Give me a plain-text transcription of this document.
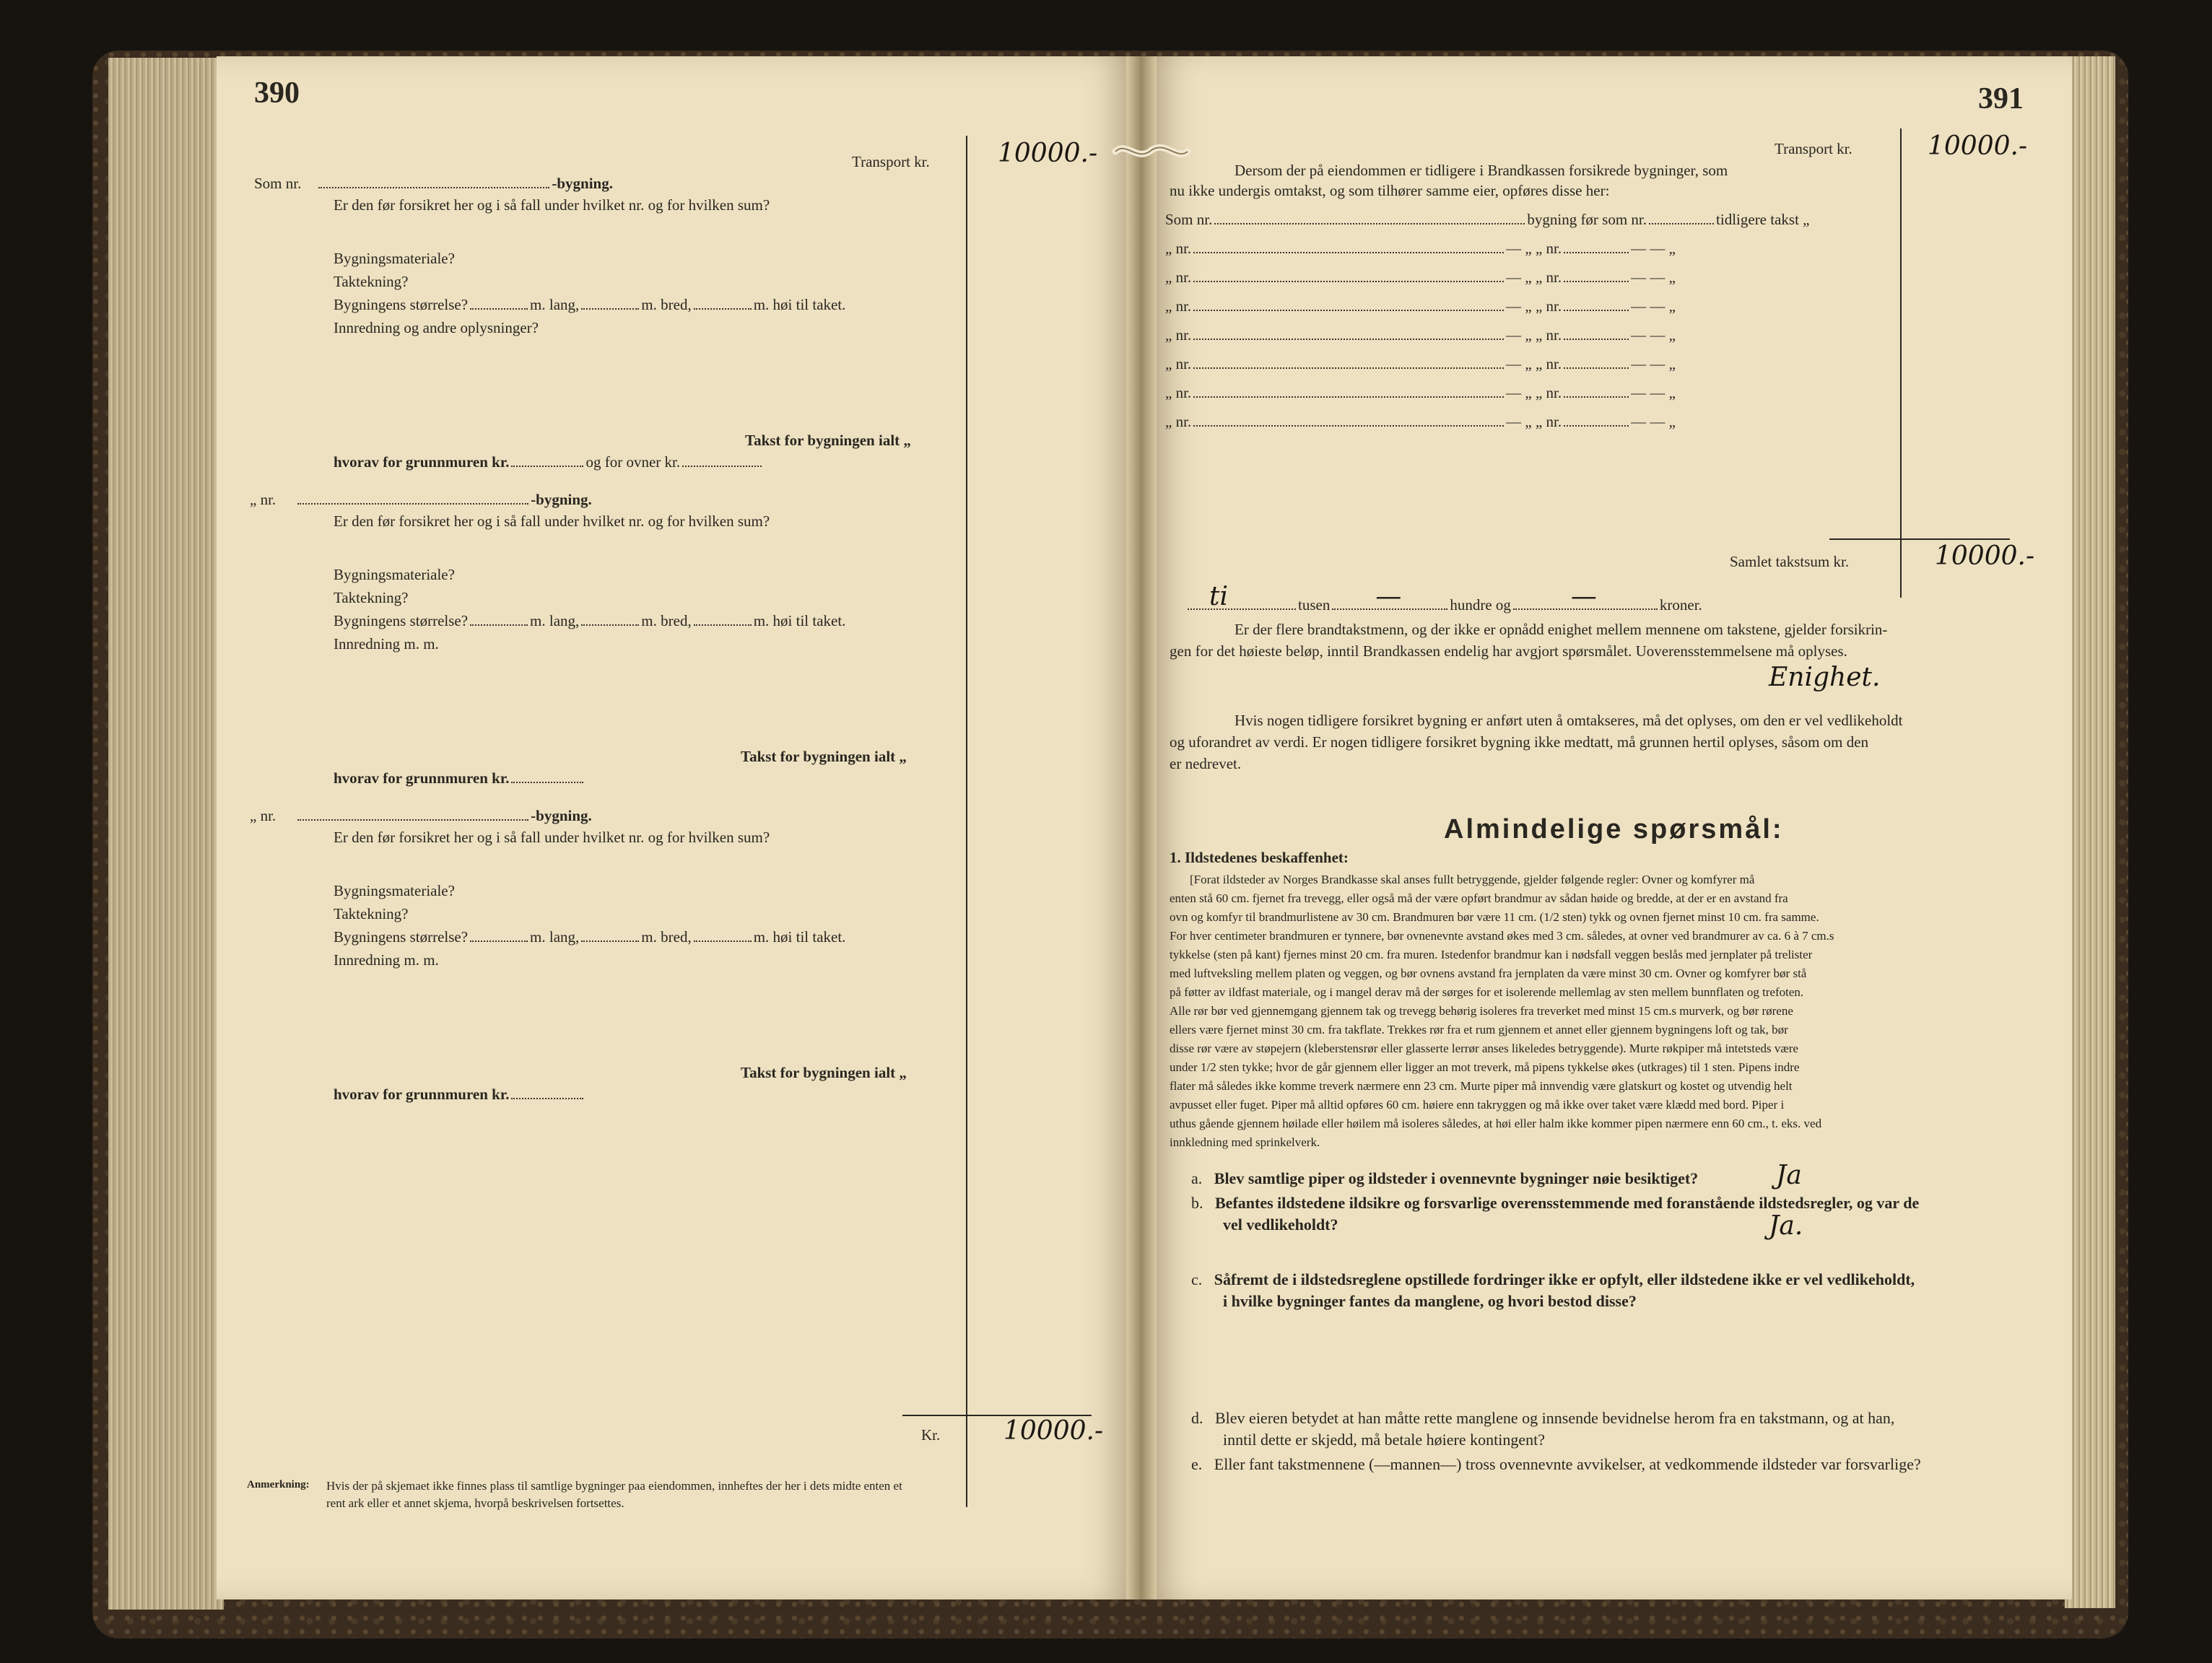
390
Transport kr.	10000.-
Som nr.	-bygning.
Er den før forsikret her og i så fall under hvilket nr. og for hvilken sum?
Bygningsmateriale?
Taktekning?
Bygningens størrelse?	m. lang,	m. bred,	m. høi til taket.
Innredning og andre oplysninger?
Takst for bygningen ialt „
hvorav for grunnmuren kr.	og for ovner kr.
„ nr.	-bygning.
Er den før forsikret her og i så fall under hvilket nr. og for hvilken sum?
Bygningsmateriale?
Taktekning?
Bygningens størrelse?	m. lang,	m. bred,	m. høi til taket.
Innredning m. m.
Takst for bygningen ialt „
hvorav for grunnmuren kr.
„ nr.	-bygning.
Er den før forsikret her og i så fall under hvilket nr. og for hvilken sum?
Bygningsmateriale?
Taktekning?
Bygningens størrelse?	m. lang,	m. bred,	m. høi til taket.
Innredning m. m.
Takst for bygningen ialt „
hvorav for grunnmuren kr.
Kr. 10000.-
Anmerkning: Hvis der på skjemaet ikke finnes plass til samtlige bygninger paa eiendommen, innheftes der her i dets midte enten et
rent ark eller et annet skjema, hvorpå beskrivelsen fortsettes.
391
Transport kr.	10000.-
Dersom der på eiendommen er tidligere i Brandkassen forsikrede bygninger, som
nu ikke undergis omtakst, og som tilhører samme eier, opføres disse her:
Som nr.	bygning før som nr.	tidligere takst „
„ nr.	— „ „ nr.	— — „
„ nr.	— „ „ nr.	— — „
„ nr.	— „ „ nr.	— — „
„ nr.	— „ „ nr.	— — „
„ nr.	— „ „ nr.	— — „
„ nr.	— „ „ nr.	— — „
„ nr.	— „ „ nr.	— — „
Samlet takstsum kr.	10000.-
ti	tusen —	hundre og —	kroner.
Er der flere brandtakstmenn, og der ikke er opnådd enighet mellem mennene om takstene, gjelder forsikrin-
gen for det høieste beløp, inntil Brandkassen endelig har avgjort spørsmålet. Uoverensstemmelsene må oplyses.
Enighet.
Hvis nogen tidligere forsikret bygning er anført uten å omtakseres, må det oplyses, om den er vel vedlikeholdt
og uforandret av verdi. Er nogen tidligere forsikret bygning ikke medtatt, må grunnen hertil oplyses, såsom om den
er nedrevet.
Almindelige spørsmål:
1. Ildstedenes beskaffenhet:
[Forat ildsteder av Norges Brandkasse skal anses fullt betryggende, gjelder følgende regler: Ovner og komfyrer må
enten stå 60 cm. fjernet fra trevegg, eller også må der være opført brandmur av sådan høide og bredde, at der er en avstand fra
ovn og komfyr til brandmurlistene av 30 cm. Brandmuren bør være 11 cm. (1/2 sten) tykk og ovnen fjernet minst 10 cm. fra samme.
For hver centimeter brandmuren er tynnere, bør ovnenevnte avstand økes med 3 cm. således, at ovner ved brandmurer av ca. 6 à 7 cm.s
tykkelse (sten på kant) fjernes minst 20 cm. fra muren. Istedenfor brandmur kan i nødsfall veggen beslås med jernplater på trelister
med luftveksling mellem platen og veggen, og bør ovnens avstand fra jernplaten da være minst 30 cm. Ovner og komfyrer bør stå
på føtter av ildfast materiale, og i mangel derav må der sørges for et isolerende mellemlag av sten mellem bunnflaten og trefoten.
Alle rør bør ved gjennemgang gjennem tak og trevegg behørig isoleres fra treverket med minst 15 cm.s murverk, og bør rørene
ellers være fjernet minst 30 cm. fra takflate. Trekkes rør fra et rum gjennem et annet eller gjennem bygningens loft og tak, bør
disse rør være av støpejern (kleberstensrør eller glasserte lerrør anses likeledes betryggende). Murte røkpiper må intetsteds være
under 1/2 sten tykke; hvor de går gjennem eller ligger an mot treverk, må pipens tykkelse økes (utkrages) til 1 sten. Pipens indre
flater må således ikke komme treverk nærmere enn 23 cm. Murte piper må innvendig være glatskurt og kostet og utvendig helt
avpusset eller fuget. Piper må alltid opføres 60 cm. høiere enn takryggen og må ikke over taket være klædd med bord. Piper i
uthus gående gjennem høilade eller høilem må isoleres således, at høi eller halm ikke kommer pipen nærmere enn 60 cm., t. eks. ved
innkledning med sprinkelverk.
a. Blev samtlige piper og ildsteder i ovennevnte bygninger nøie besiktiget?	Ja
b. Befantes ildstedene ildsikre og forsvarlige overensstemmende med foranstående ildstedsregler, og var de
vel vedlikeholdt?	Ja.
c. Såfremt de i ildstedsreglene opstillede fordringer ikke er opfylt, eller ildstedene ikke er vel vedlikeholdt,
i hvilke bygninger fantes da manglene, og hvori bestod disse?
d. Blev eieren betydet at han måtte rette manglene og innsende bevidnelse herom fra en takstmann, og at han,
inntil dette er skjedd, må betale høiere kontingent?
e. Eller fant takstmennene (—mannen—) tross ovennevnte avvikelser, at vedkommende ildsteder var forsvarlige?
